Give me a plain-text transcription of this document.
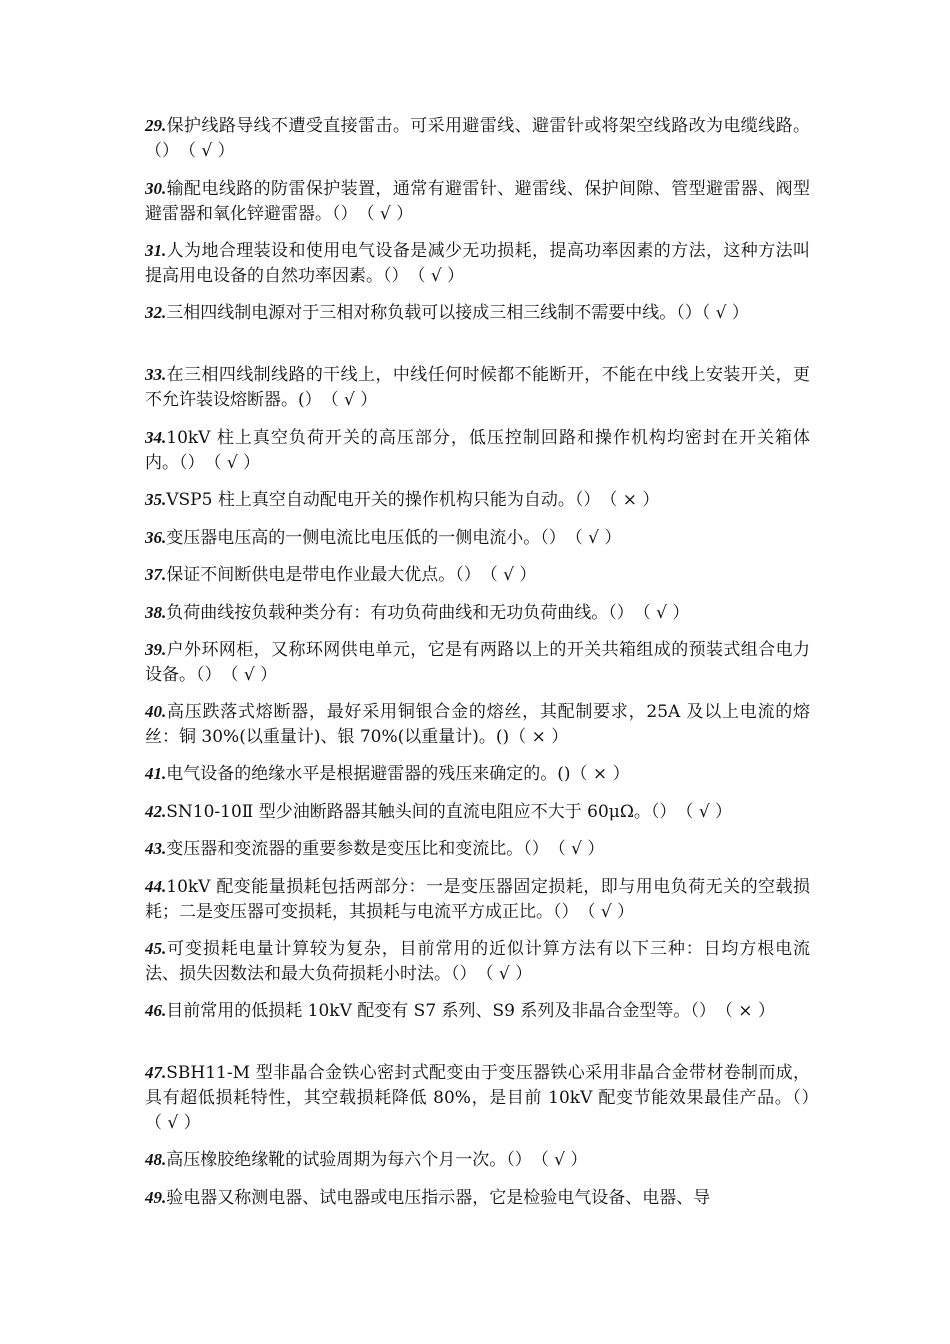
29.保护线路导线不遭受直接雷击。可采用避雷线、避雷针或将架空线路改为电缆线路。（）　（ √ ）

30.输配电线路的防雷保护装置，通常有避雷针、避雷线、保护间隙、管型避雷器、阀型避雷器和氧化锌避雷器。（）　（ √ ）

31.人为地合理装设和使用电气设备是减少无功损耗，提高功率因素的方法，这种方法叫提高用电设备的自然功率因素。（）　（ √ ）

32.三相四线制电源对于三相对称负载可以接成三相三线制不需要中线。（）（ √ ）

33.在三相四线制线路的干线上，中线任何时候都不能断开，不能在中线上安装开关，更不允许装设熔断器。(）　（ √ ）

34.10kV 柱上真空负荷开关的高压部分，低压控制回路和操作机构均密封在开关箱体内。（）　（ √ ）

35.VSP5 柱上真空自动配电开关的操作机构只能为自动。（）　（ × ）

36.变压器电压高的一侧电流比电压低的一侧电流小。（）　（ √ ）

37.保证不间断供电是带电作业最大优点。（）　（ √ ）

38.负荷曲线按负载种类分有：有功负荷曲线和无功负荷曲线。（）　（ √ ）

39.户外环网柜，又称环网供电单元，它是有两路以上的开关共箱组成的预装式组合电力设备。（）　（ √ ）

40.高压跌落式熔断器，最好采用铜银合金的熔丝，其配制要求，25A 及以上电流的熔丝：铜 30%(以重量计)、银 70%(以重量计)。()（ × ）

41.电气设备的绝缘水平是根据避雷器的残压来确定的。()（ × ）

42.SN10-10Ⅱ 型少油断路器其触头间的直流电阻应不大于 60μΩ。（）　（ √ ）

43.变压器和变流器的重要参数是变压比和变流比。（）　（ √ ）

44.10kV 配变能量损耗包括两部分：一是变压器固定损耗，即与用电负荷无关的空载损耗；二是变压器可变损耗，其损耗与电流平方成正比。（）　（ √ ）

45.可变损耗电量计算较为复杂，目前常用的近似计算方法有以下三种：日均方根电流法、损失因数法和最大负荷损耗小时法。（）　（ √ ）

46.目前常用的低损耗 10kV 配变有 S7 系列、S9 系列及非晶合金型等。（）　（ × ）

47.SBH11-M 型非晶合金铁心密封式配变由于变压器铁心采用非晶合金带材卷制而成，具有超低损耗特性，其空载损耗降低 80%，是目前 10kV 配变节能效果最佳产品。（）　（ √ ）

48.高压橡胶绝缘靴的试验周期为每六个月一次。（）　（ √ ）

49.验电器又称测电器、试电器或电压指示器，它是检验电气设备、电器、导
